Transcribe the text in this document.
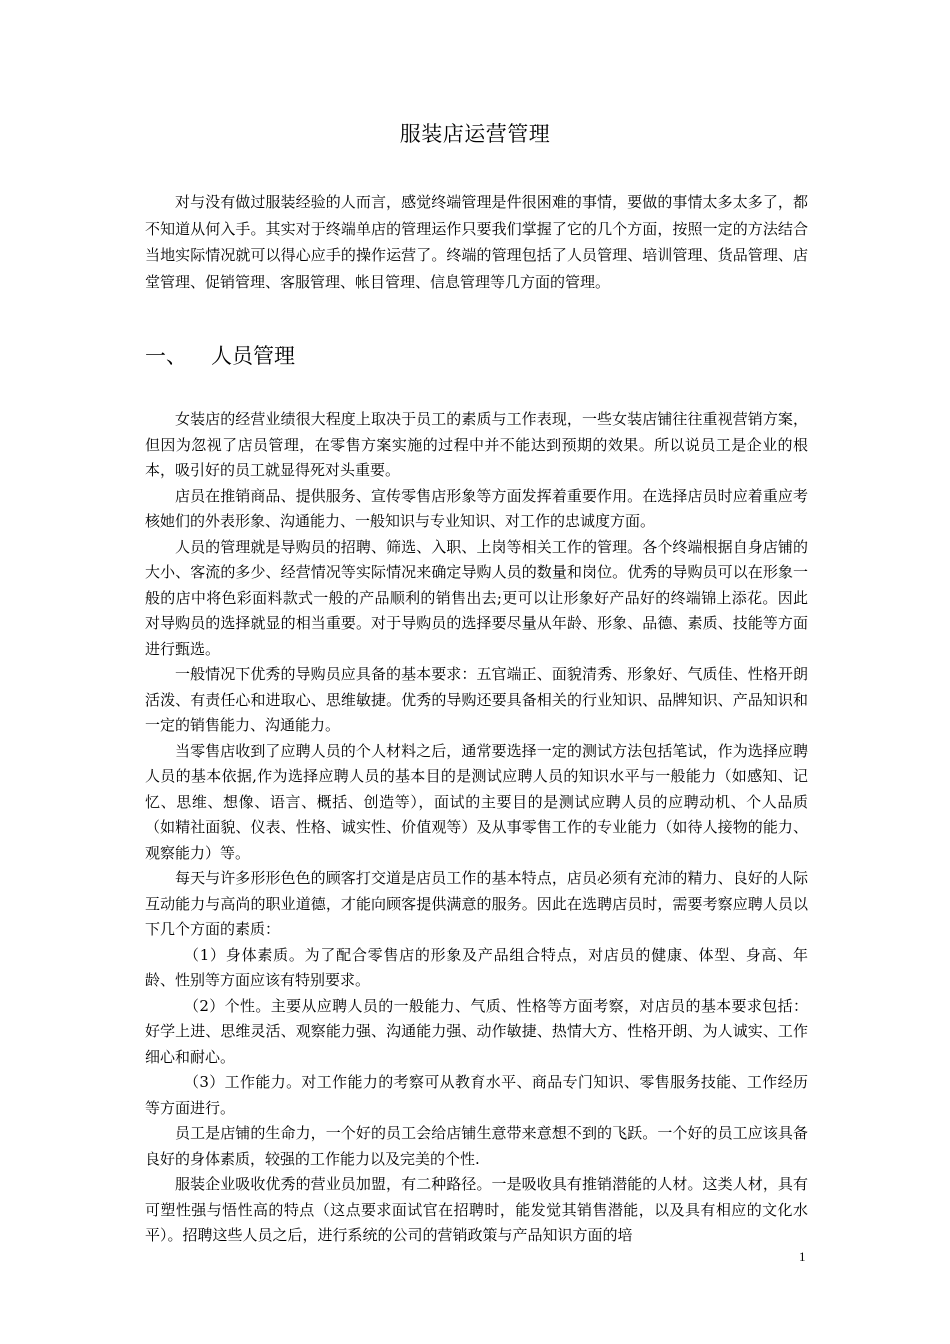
服装店运营管理

对与没有做过服装经验的人而言，感觉终端管理是件很困难的事情，要做的事情太多太多了，都不知道从何入手。其实对于终端单店的管理运作只要我们掌握了它的几个方面，按照一定的方法结合当地实际情况就可以得心应手的操作运营了。终端的管理包括了人员管理、培训管理、货品管理、店堂管理、促销管理、客服管理、帐目管理、信息管理等几方面的管理。

一、 人员管理

女装店的经营业绩很大程度上取决于员工的素质与工作表现，一些女装店铺往往重视营销方案，但因为忽视了店员管理，在零售方案实施的过程中并不能达到预期的效果。所以说员工是企业的根本，吸引好的员工就显得死对头重要。

店员在推销商品、提供服务、宣传零售店形象等方面发挥着重要作用。在选择店员时应着重应考核她们的外表形象、沟通能力、一般知识与专业知识、对工作的忠诚度方面。

人员的管理就是导购员的招聘、筛选、入职、上岗等相关工作的管理。各个终端根据自身店铺的大小、客流的多少、经营情况等实际情况来确定导购人员的数量和岗位。优秀的导购员可以在形象一般的店中将色彩面料款式一般的产品顺利的销售出去;更可以让形象好产品好的终端锦上添花。因此对导购员的选择就显的相当重要。对于导购员的选择要尽量从年龄、形象、品德、素质、技能等方面进行甄选。

一般情况下优秀的导购员应具备的基本要求：五官端正、面貌清秀、形象好、气质佳、性格开朗活泼、有责任心和进取心、思维敏捷。优秀的导购还要具备相关的行业知识、品牌知识、产品知识和一定的销售能力、沟通能力。

当零售店收到了应聘人员的个人材料之后，通常要选择一定的测试方法包括笔试，作为选择应聘人员的基本依据,作为选择应聘人员的基本目的是测试应聘人员的知识水平与一般能力（如感知、记忆、思维、想像、语言、概括、创造等），面试的主要目的是测试应聘人员的应聘动机、个人品质（如精社面貌、仪表、性格、诚实性、价值观等）及从事零售工作的专业能力（如待人接物的能力、观察能力）等。

每天与许多形形色色的顾客打交道是店员工作的基本特点，店员必须有充沛的精力、良好的人际互动能力与高尚的职业道德，才能向顾客提供满意的服务。因此在选聘店员时，需要考察应聘人员以下几个方面的素质：

（1）身体素质。为了配合零售店的形象及产品组合特点，对店员的健康、体型、身高、年龄、性别等方面应该有特别要求。

（2）个性。主要从应聘人员的一般能力、气质、性格等方面考察，对店员的基本要求包括：好学上进、思维灵活、观察能力强、沟通能力强、动作敏捷、热情大方、性格开朗、为人诚实、工作细心和耐心。

（3）工作能力。对工作能力的考察可从教育水平、商品专门知识、零售服务技能、工作经历等方面进行。

员工是店铺的生命力，一个好的员工会给店铺生意带来意想不到的飞跃。一个好的员工应该具备良好的身体素质，较强的工作能力以及完美的个性.

服装企业吸收优秀的营业员加盟，有二种路径。一是吸收具有推销潜能的人材。这类人材，具有可塑性强与悟性高的特点（这点要求面试官在招聘时，能发觉其销售潜能，以及具有相应的文化水平）。招聘这些人员之后，进行系统的公司的营销政策与产品知识方面的培

1
